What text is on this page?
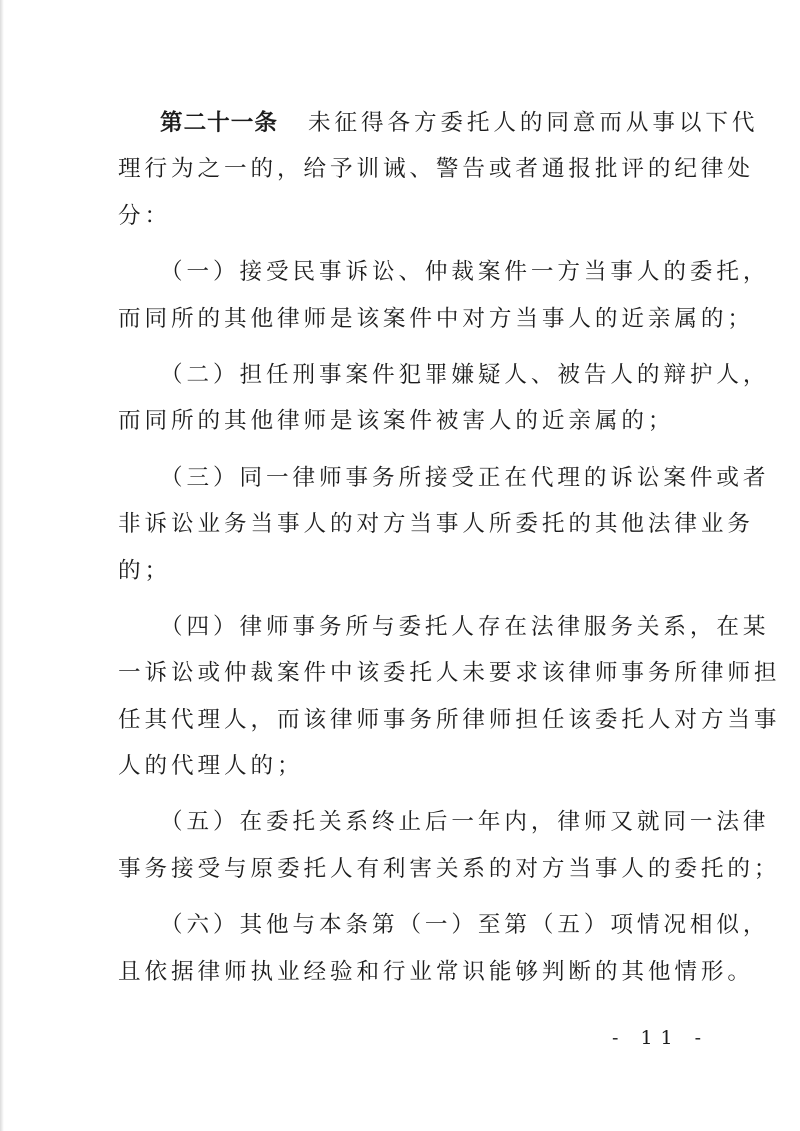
第二十一条 未征得各方委托人的同意而从事以下代
理行为之一的，给予训诫、警告或者通报批评的纪律处
分：
（一）接受民事诉讼、仲裁案件一方当事人的委托，
而同所的其他律师是该案件中对方当事人的近亲属的；
（二）担任刑事案件犯罪嫌疑人、被告人的辩护人，
而同所的其他律师是该案件被害人的近亲属的；
（三）同一律师事务所接受正在代理的诉讼案件或者
非诉讼业务当事人的对方当事人所委托的其他法律业务
的；
（四）律师事务所与委托人存在法律服务关系，在某
一诉讼或仲裁案件中该委托人未要求该律师事务所律师担
任其代理人，而该律师事务所律师担任该委托人对方当事
人的代理人的；
（五）在委托关系终止后一年内，律师又就同一法律
事务接受与原委托人有利害关系的对方当事人的委托的；
（六）其他与本条第（一）至第（五）项情况相似，
且依据律师执业经验和行业常识能够判断的其他情形。
- 11 -
